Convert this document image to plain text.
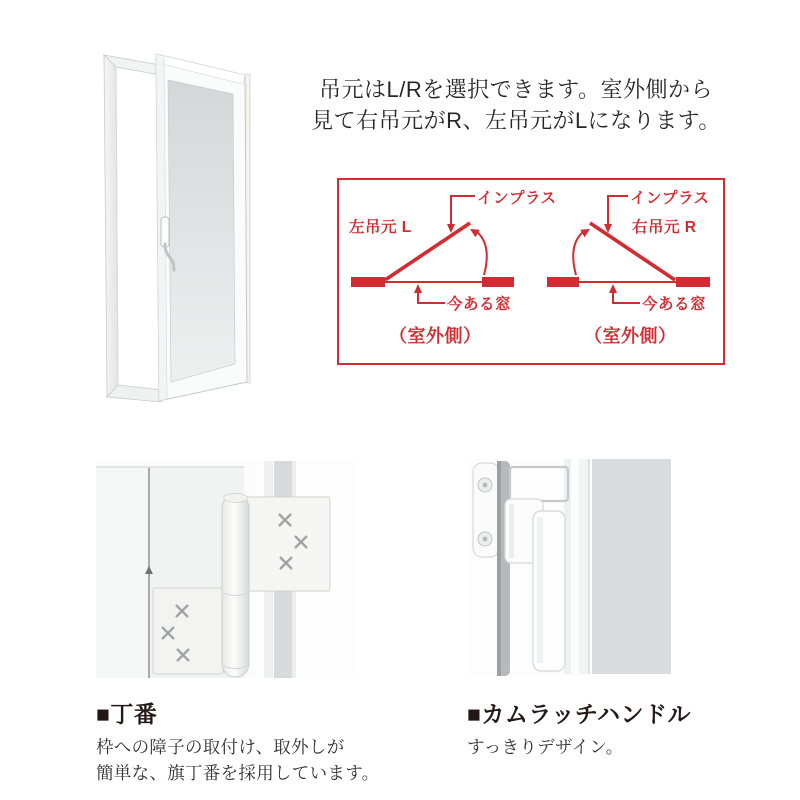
吊元はL/Rを選択できます。室外側から
見て右吊元がR、左吊元がLになります。
インプラス
左吊元 L
今ある窓
（室外側）
インプラス
右吊元 R
今ある窓
（室外側）
■丁番
枠への障子の取付け、取外しが
簡単な、旗丁番を採用しています。
■カムラッチハンドル
すっきりデザイン。
